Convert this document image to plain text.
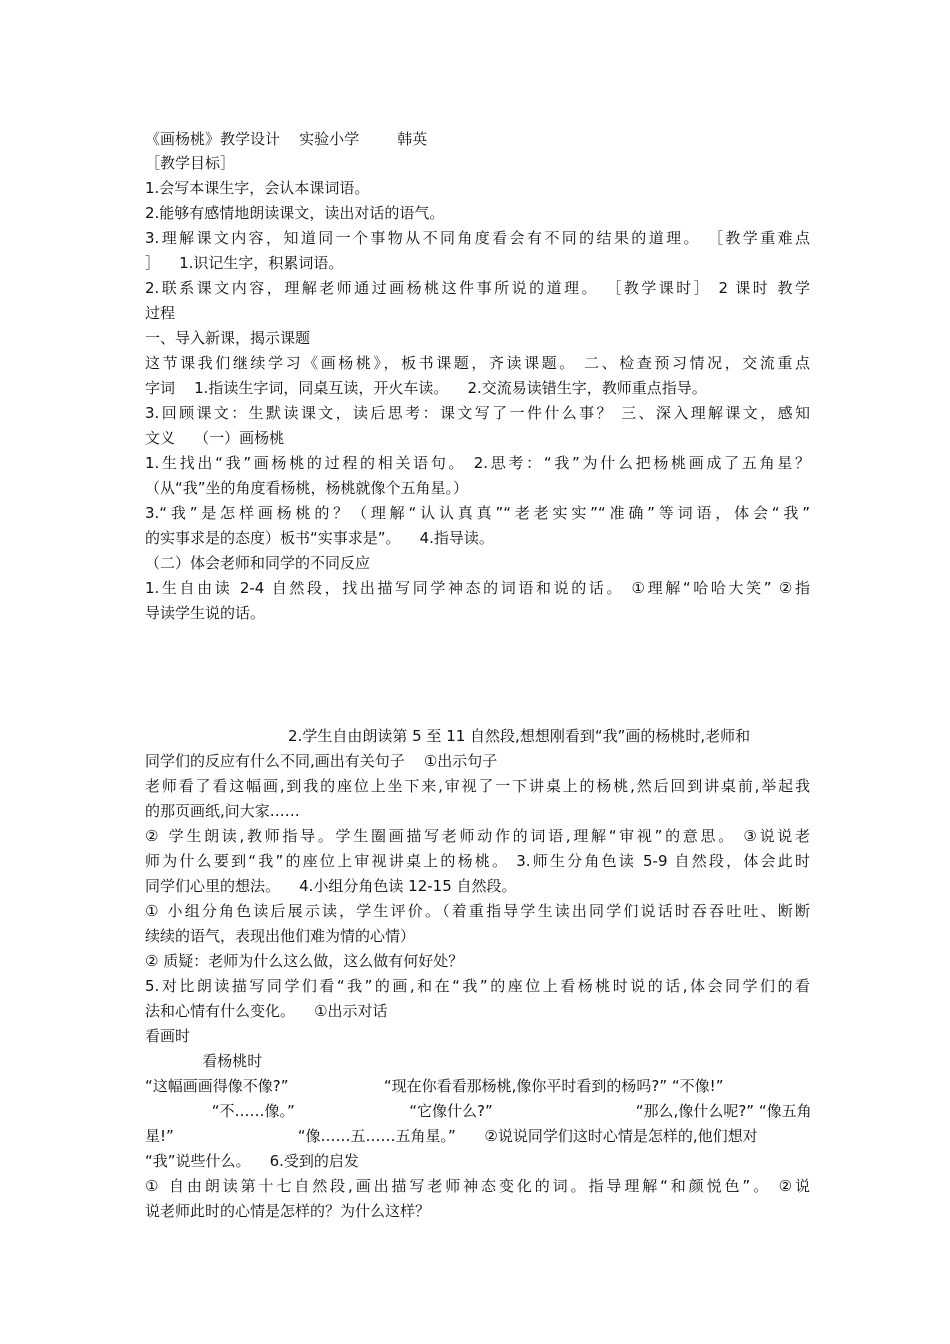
《画杨桃》教学设计    实验小学        韩英
［教学目标］
1.会写本课生字，会认本课词语。
2.能够有感情地朗读课文，读出对话的语气。
3.理解课文内容，知道同一个事物从不同角度看会有不同的结果的道理。 ［教学重难点
］    1.识记生字，积累词语。
2.联系课文内容，理解老师通过画杨桃这件事所说的道理。 ［教学课时］ 2 课时 教学
过程
一、导入新课，揭示课题
这节课我们继续学习《画杨桃》，板书课题，齐读课题。 二、检查预习情况，交流重点
字词    1.指读生字词，同桌互读，开火车读。    2.交流易读错生字，教师重点指导。
3.回顾课文：生默读课文，读后思考：课文写了一件什么事？ 三、深入理解课文，感知
文义    （一）画杨桃
1.生找出“我”画杨桃的过程的相关语句。 2.思考：“我”为什么把杨桃画成了五角星？
（从“我”坐的角度看杨桃，杨桃就像个五角星。）
3.“我”是怎样画杨桃的？（理解“认认真真”“老老实实”“准确”等词语，体会“我”
的实事求是的态度）板书“实事求是”。    4.指导读。
（二）体会老师和同学的不同反应
1.生自由读 2-4 自然段，找出描写同学神态的词语和说的话。 ①理解“哈哈大笑” ②指
导读学生说的话。
2.学生自由朗读第 5 至 11 自然段,想想刚看到“我”画的杨桃时,老师和
同学们的反应有什么不同,画出有关句子    ①出示句子
老师看了看这幅画,到我的座位上坐下来,审视了一下讲桌上的杨桃,然后回到讲桌前,举起我
的那页画纸,问大家……
② 学生朗读,教师指导。学生圈画描写老师动作的词语,理解“审视”的意思。 ③说说老
师为什么要到“我”的座位上审视讲桌上的杨桃。 3.师生分角色读 5-9 自然段，体会此时
同学们心里的想法。    4.小组分角色读 12-15 自然段。
① 小组分角色读后展示读，学生评价。（着重指导学生读出同学们说话时吞吞吐吐、断断
续续的语气，表现出他们难为情的心情）
② 质疑：老师为什么这么做，这么做有何好处？
5.对比朗读描写同学们看“我”的画,和在“我”的座位上看杨桃时说的话,体会同学们的看
法和心情有什么变化。    ①出示对话
看画时
看杨桃时
“这幅画画得像不像?”                    “现在你看看那杨桃,像你平时看到的杨吗?” “不像!”
“不……像。”                        “它像什么?”                              “那么,像什么呢?” “像五角
星!”                          “像……五……五角星。”      ②说说同学们这时心情是怎样的,他们想对
“我”说些什么。    6.受到的启发
① 自由朗读第十七自然段,画出描写老师神态变化的词。指导理解“和颜悦色”。 ②说
说老师此时的心情是怎样的？为什么这样？
